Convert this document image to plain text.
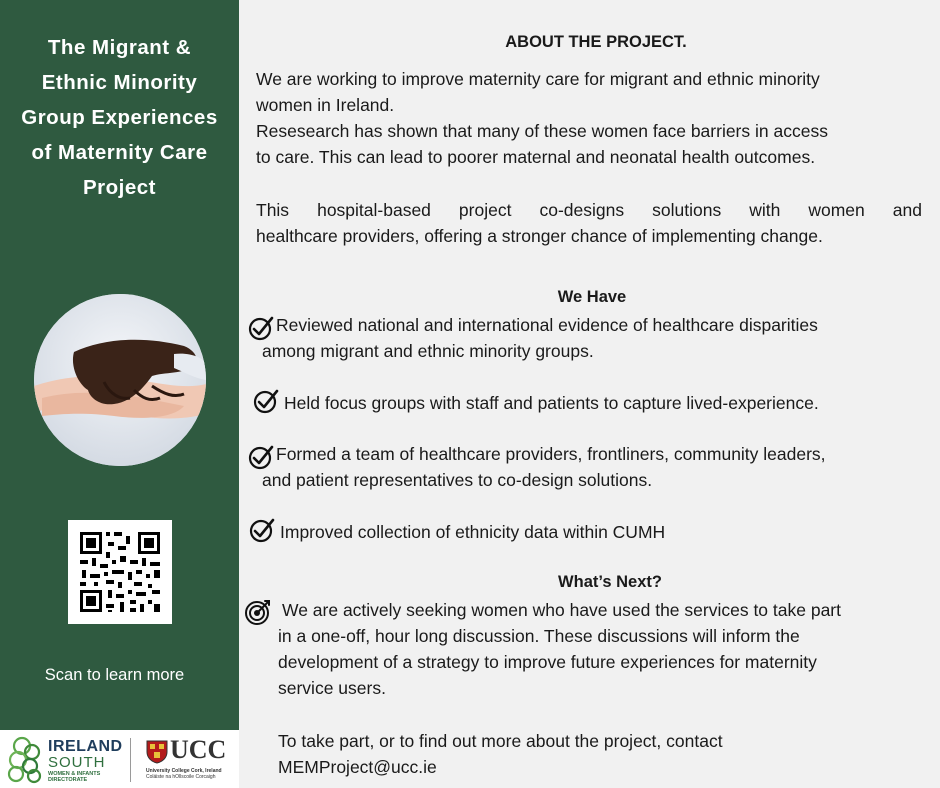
The Migrant &
Ethnic Minority
Group Experiences
of Maternity Care
Project
Scan to learn more
IRELAND
SOUTH
WOMEN & INFANTS
DIRECTORATE
UCC
University College Cork, Ireland
Coláiste na hOllscoile Corcaigh
ABOUT THE PROJECT.
We are working to improve maternity care for migrant and ethnic minority
women in Ireland.
Resesearch has shown that many of these women face barriers in access
to care. This can lead to poorer maternal and neonatal health outcomes.
This hospital-based project co-designs solutions with women and
healthcare providers, offering a stronger chance of implementing change.
We Have
Reviewed national and international evidence of healthcare disparities
among migrant and ethnic minority groups.
Held focus groups with staff and patients to capture lived-experience.
Formed a team of healthcare providers, frontliners, community leaders,
and patient representatives to co-design solutions.
Improved collection of ethnicity data within CUMH
What’s Next?
We are actively seeking women who have used the services to take part
in a one-off, hour long discussion. These discussions will inform the
development of a strategy to improve future experiences for maternity
service users.
To take part, or to find out more about the project, contact
MEMProject@ucc.ie
